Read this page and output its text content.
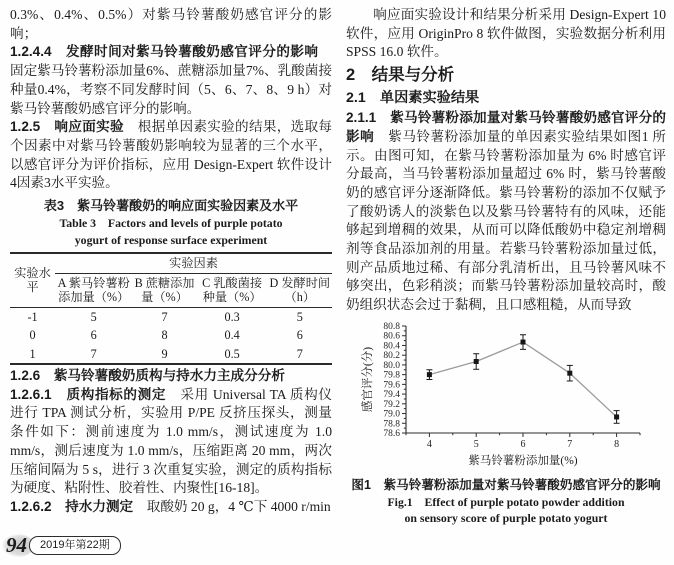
0.3%、0.4%、0.5%）对紫马铃薯酸奶感官评分的影响；

1.2.4.4　发酵时间对紫马铃薯酸奶感官评分的影响　固定紫马铃薯粉添加量6%、蔗糖添加量7%、乳酸菌接种量0.4%，考察不同发酵时间（5、6、7、8、9 h）对紫马铃薯酸奶感官评分的影响。

1.2.5　响应面实验　根据单因素实验的结果，选取每个因素中对紫马铃薯酸奶影响较为显著的三个水平，以感官评分为评价指标，应用 Design-Expert 软件设计4因素3水平实验。

表3　紫马铃薯酸奶的响应面实验因素及水平

Table 3　Factors and levels of purple potato

yogurt of response surface experiment

实验水平	实验因素			
	A 紫马铃薯粉添加量（%）	B 蔗糖添加量（%）	C 乳酸菌接种量（%）	D 发酵时间（h）
-1	5	7	0.3	5
0	6	8	0.4	6
1	7	9	0.5	7

1.2.6　紫马铃薯酸奶质构与持水力主成分分析

1.2.6.1　质构指标的测定　采用 Universal TA 质构仪进行 TPA 测试分析，实验用 P/PE 反挤压探头，测量条件如下：测前速度为 1.0 mm/s，测试速度为 1.0 mm/s，测后速度为 1.0 mm/s，压缩距离 20 mm，两次压缩间隔为 5 s，进行 3 次重复实验，测定的质构指标为硬度、粘附性、胶着性、内聚性[16-18]。

1.2.6.2　持水力测定　取酸奶 20 g，4 ℃下 4000 r/min

响应面实验设计和结果分析采用 Design-Expert 10 软件，应用 OriginPro 8 软件做图，实验数据分析利用 SPSS 16.0 软件。

2　结果与分析

2.1　单因素实验结果

2.1.1　紫马铃薯粉添加量对紫马铃薯酸奶感官评分的影响　紫马铃薯粉添加量的单因素实验结果如图1 所示。由图可知，在紫马铃薯粉添加量为 6% 时感官评分最高，当马铃薯粉添加量超过 6% 时，紫马铃薯酸奶的感官评分逐渐降低。紫马铃薯粉的添加不仅赋予了酸奶诱人的淡紫色以及紫马铃薯特有的风味，还能够起到增稠的效果，从而可以降低酸奶中稳定剂增稠剂等食品添加剂的用量。若紫马铃薯粉添加量过低，则产品质地过稀、有部分乳清析出，且马铃薯风味不够突出，色彩稍淡；而紫马铃薯粉添加量较高时，酸奶组织状态会过于黏稠，且口感粗糙，从而导致

78.6
78.8
79.0
79.2
79.4
79.6
79.8
80.0
80.2
80.4
80.6
80.8
4	5	6	7	8
紫马铃薯粉添加量(%)
感官评分(分)

图1　紫马铃薯粉添加量对紫马铃薯酸奶感官评分的影响

Fig.1　Effect of purple potato powder addition

on sensory score of purple potato yogurt

94	2019年第22期
